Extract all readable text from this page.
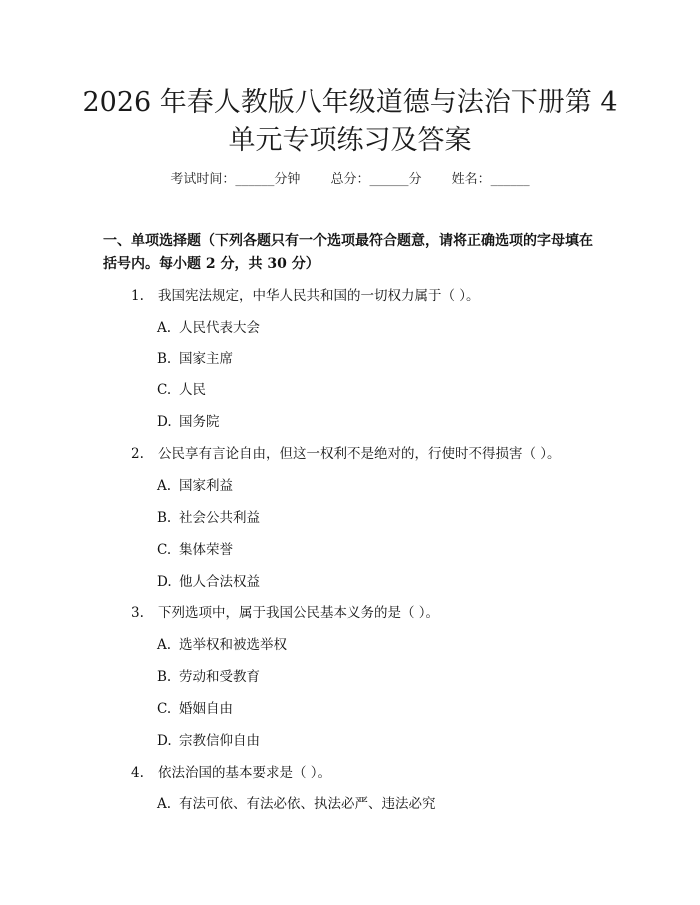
2026 年春人教版八年级道德与法治下册第 4
单元专项练习及答案
考试时间：______分钟 总分：______分 姓名：______
一、单项选择题（下列各题只有一个选项最符合题意，请将正确选项的字母填在括号内。每小题 2 分，共 30 分）
1. 我国宪法规定，中华人民共和国的一切权力属于（ ）。
A. 人民代表大会
B. 国家主席
C. 人民
D. 国务院
2. 公民享有言论自由，但这一权利不是绝对的，行使时不得损害（ ）。
A. 国家利益
B. 社会公共利益
C. 集体荣誉
D. 他人合法权益
3. 下列选项中，属于我国公民基本义务的是（ ）。
A. 选举权和被选举权
B. 劳动和受教育
C. 婚姻自由
D. 宗教信仰自由
4. 依法治国的基本要求是（ ）。
A. 有法可依、有法必依、执法必严、违法必究
